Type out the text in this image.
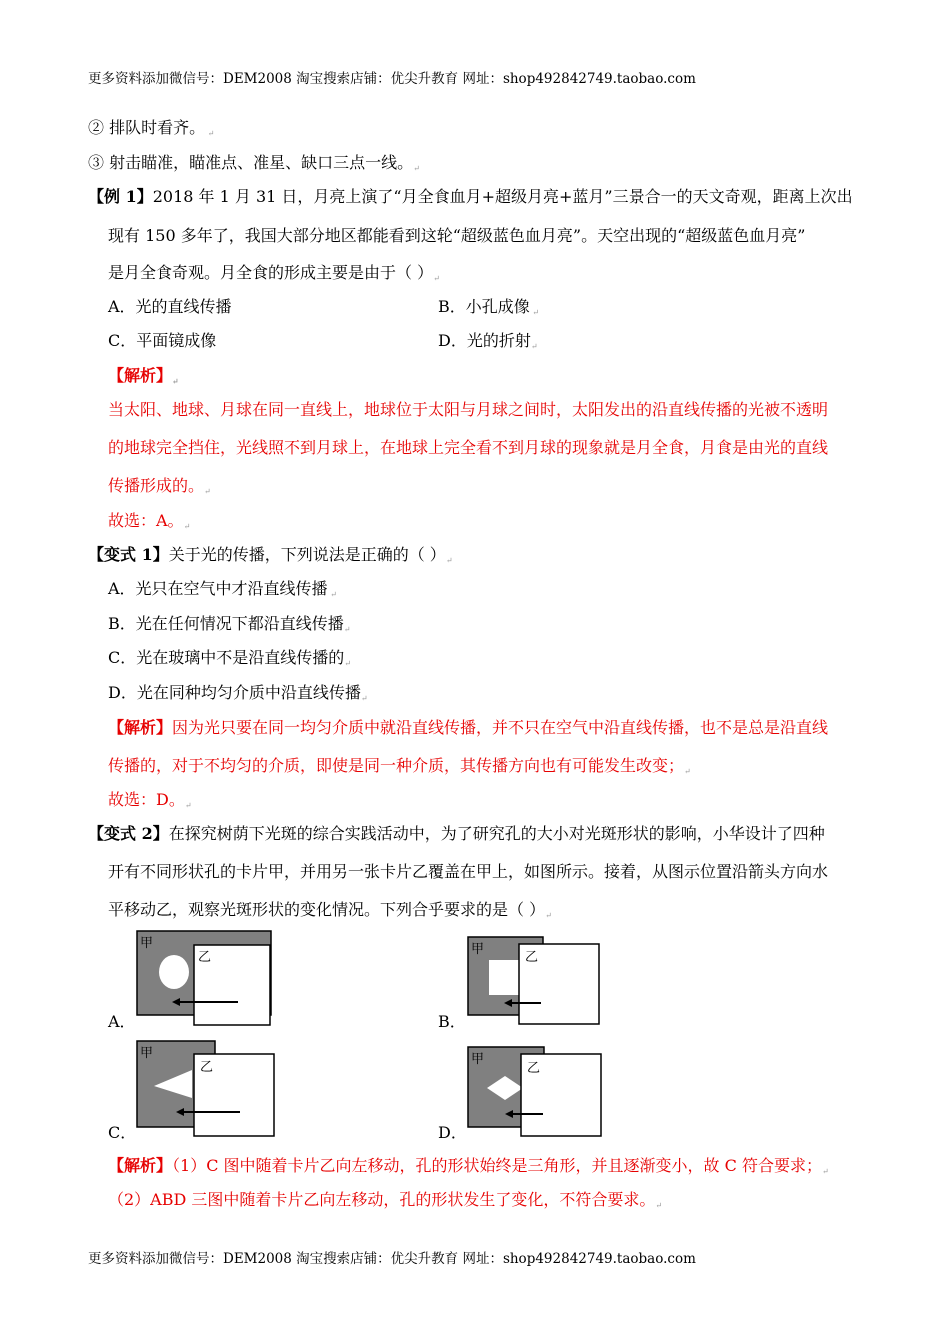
更多资料添加微信号：DEM2008 淘宝搜索店铺：优尖升教育 网址：shop492842749.taobao.com
② 排队时看齐。 ↵
③ 射击瞄准，瞄准点、准星、缺口三点一线。↵
【例 1】2018 年 1 月 31 日，月亮上演了“月全食血月+超级月亮+蓝月”三景合一的天文奇观，距离上次出
现有 150 多年了，我国大部分地区都能看到这轮“超级蓝色血月亮”。天空出现的“超级蓝色血月亮”
是月全食奇观。月全食的形成主要是由于（ ）↵
A．光的直线传播	B．小孔成像 ↵
C．平面镜成像	D．光的折射↵
【解析】↵
当太阳、地球、月球在同一直线上，地球位于太阳与月球之间时，太阳发出的沿直线传播的光被不透明
的地球完全挡住，光线照不到月球上，在地球上完全看不到月球的现象就是月全食，月食是由光的直线
传播形成的。↵
故选：A。↵
【变式 1】关于光的传播，下列说法是正确的（ ）↵
A．光只在空气中才沿直线传播 ↵
B．光在任何情况下都沿直线传播↵
C．光在玻璃中不是沿直线传播的↵
D．光在同种均匀介质中沿直线传播↵
【解析】因为光只要在同一均匀介质中就沿直线传播，并不只在空气中沿直线传播，也不是总是沿直线
传播的，对于不均匀的介质，即使是同一种介质，其传播方向也有可能发生改变；↵
故选：D。↵
【变式 2】在探究树荫下光斑的综合实践活动中，为了研究孔的大小对光斑形状的影响，小华设计了四种
开有不同形状孔的卡片甲，并用另一张卡片乙覆盖在甲上，如图所示。接着，从图示位置沿箭头方向水
平移动乙，观察光斑形状的变化情况。下列合乎要求的是（ ）↵
A．
甲
乙
B．
甲
乙
C．
甲
乙
D．
甲
乙
【解析】（1）C 图中随着卡片乙向左移动，孔的形状始终是三角形，并且逐渐变小，故 C 符合要求；↵
（2）ABD 三图中随着卡片乙向左移动，孔的形状发生了变化，不符合要求。↵
更多资料添加微信号：DEM2008 淘宝搜索店铺：优尖升教育 网址：shop492842749.taobao.com
